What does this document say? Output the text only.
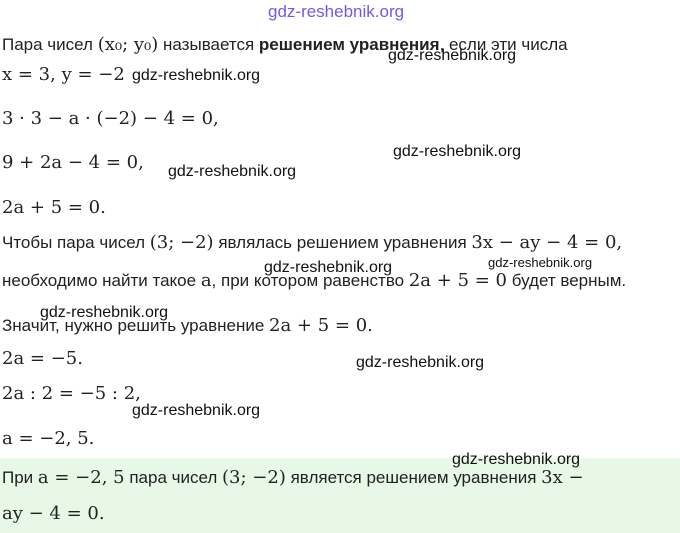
gdz-reshebnik.org
Пара чисел (x₀; y₀) называется решением уравнения, если эти числа
gdz-reshebnik.org
x = 3, y = −2 gdz-reshebnik.org
3 · 3 − a · (−2) − 4 = 0,
9 + 2a − 4 = 0,
gdz-reshebnik.org
gdz-reshebnik.org
2a + 5 = 0.
Чтобы пара чисел (3; −2) являлась решением уравнения 3x − ay − 4 = 0,
gdz-reshebnik.org	gdz-reshebnik.org
необходимо найти такое a, при котором равенство 2a + 5 = 0 будет верным.
gdz-reshebnik.org
Значит, нужно решить уравнение 2a + 5 = 0.
2a = −5.	gdz-reshebnik.org
2a : 2 = −5 : 2,
gdz-reshebnik.org
a = −2, 5.
gdz-reshebnik.org
При a = −2, 5 пара чисел (3; −2) является решением уравнения 3x −
ay − 4 = 0.
